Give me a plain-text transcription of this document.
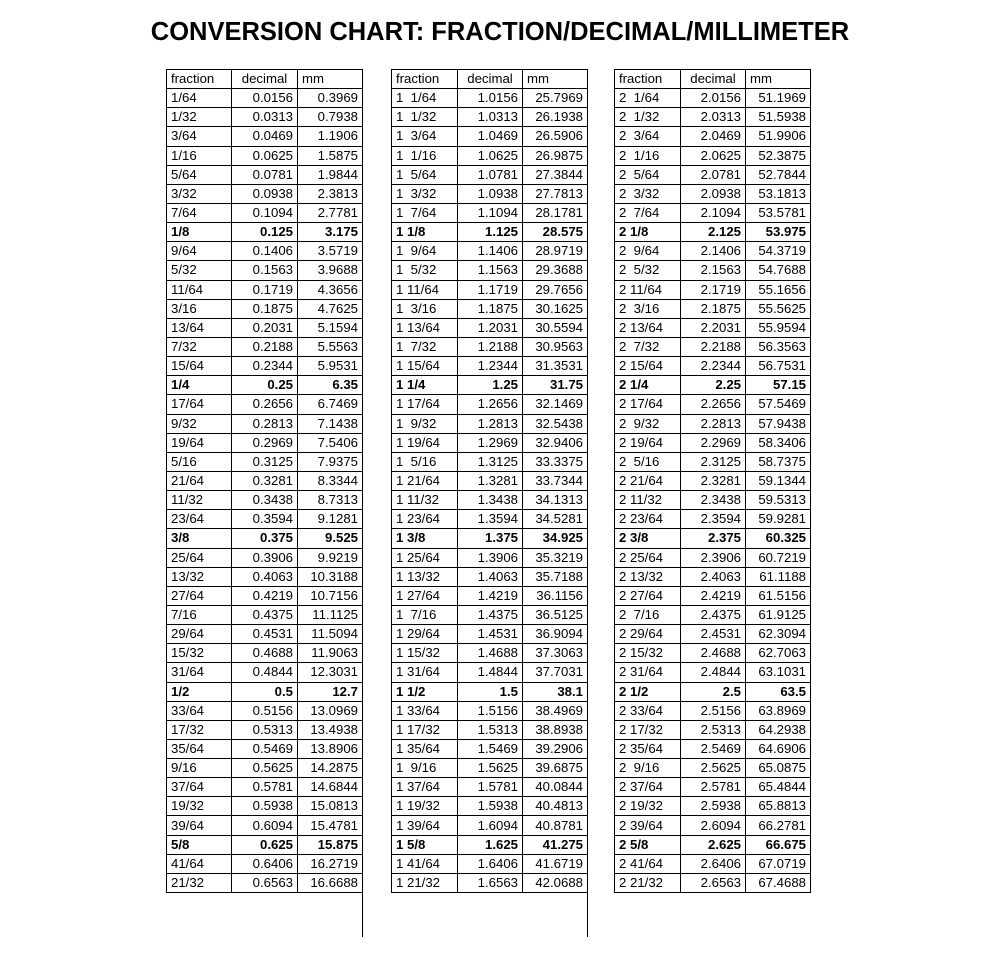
CONVERSION CHART: FRACTION/DECIMAL/MILLIMETER
fraction	decimal	mm
1/64	0.0156	0.3969
1/32	0.0313	0.7938
3/64	0.0469	1.1906
1/16	0.0625	1.5875
5/64	0.0781	1.9844
3/32	0.0938	2.3813
7/64	0.1094	2.7781
1/8	0.125	3.175
9/64	0.1406	3.5719
5/32	0.1563	3.9688
11/64	0.1719	4.3656
3/16	0.1875	4.7625
13/64	0.2031	5.1594
7/32	0.2188	5.5563
15/64	0.2344	5.9531
1/4	0.25	6.35
17/64	0.2656	6.7469
9/32	0.2813	7.1438
19/64	0.2969	7.5406
5/16	0.3125	7.9375
21/64	0.3281	8.3344
11/32	0.3438	8.7313
23/64	0.3594	9.1281
3/8	0.375	9.525
25/64	0.3906	9.9219
13/32	0.4063	10.3188
27/64	0.4219	10.7156
7/16	0.4375	11.1125
29/64	0.4531	11.5094
15/32	0.4688	11.9063
31/64	0.4844	12.3031
1/2	0.5	12.7
33/64	0.5156	13.0969
17/32	0.5313	13.4938
35/64	0.5469	13.8906
9/16	0.5625	14.2875
37/64	0.5781	14.6844
19/32	0.5938	15.0813
39/64	0.6094	15.4781
5/8	0.625	15.875
41/64	0.6406	16.2719
21/32	0.6563	16.6688
fraction	decimal	mm
1  1/64	1.0156	25.7969
1  1/32	1.0313	26.1938
1  3/64	1.0469	26.5906
1  1/16	1.0625	26.9875
1  5/64	1.0781	27.3844
1  3/32	1.0938	27.7813
1  7/64	1.1094	28.1781
1 1/8	1.125	28.575
1  9/64	1.1406	28.9719
1  5/32	1.1563	29.3688
1 11/64	1.1719	29.7656
1  3/16	1.1875	30.1625
1 13/64	1.2031	30.5594
1  7/32	1.2188	30.9563
1 15/64	1.2344	31.3531
1 1/4	1.25	31.75
1 17/64	1.2656	32.1469
1  9/32	1.2813	32.5438
1 19/64	1.2969	32.9406
1  5/16	1.3125	33.3375
1 21/64	1.3281	33.7344
1 11/32	1.3438	34.1313
1 23/64	1.3594	34.5281
1 3/8	1.375	34.925
1 25/64	1.3906	35.3219
1 13/32	1.4063	35.7188
1 27/64	1.4219	36.1156
1  7/16	1.4375	36.5125
1 29/64	1.4531	36.9094
1 15/32	1.4688	37.3063
1 31/64	1.4844	37.7031
1 1/2	1.5	38.1
1 33/64	1.5156	38.4969
1 17/32	1.5313	38.8938
1 35/64	1.5469	39.2906
1  9/16	1.5625	39.6875
1 37/64	1.5781	40.0844
1 19/32	1.5938	40.4813
1 39/64	1.6094	40.8781
1 5/8	1.625	41.275
1 41/64	1.6406	41.6719
1 21/32	1.6563	42.0688
fraction	decimal	mm
2  1/64	2.0156	51.1969
2  1/32	2.0313	51.5938
2  3/64	2.0469	51.9906
2  1/16	2.0625	52.3875
2  5/64	2.0781	52.7844
2  3/32	2.0938	53.1813
2  7/64	2.1094	53.5781
2 1/8	2.125	53.975
2  9/64	2.1406	54.3719
2  5/32	2.1563	54.7688
2 11/64	2.1719	55.1656
2  3/16	2.1875	55.5625
2 13/64	2.2031	55.9594
2  7/32	2.2188	56.3563
2 15/64	2.2344	56.7531
2 1/4	2.25	57.15
2 17/64	2.2656	57.5469
2  9/32	2.2813	57.9438
2 19/64	2.2969	58.3406
2  5/16	2.3125	58.7375
2 21/64	2.3281	59.1344
2 11/32	2.3438	59.5313
2 23/64	2.3594	59.9281
2 3/8	2.375	60.325
2 25/64	2.3906	60.7219
2 13/32	2.4063	61.1188
2 27/64	2.4219	61.5156
2  7/16	2.4375	61.9125
2 29/64	2.4531	62.3094
2 15/32	2.4688	62.7063
2 31/64	2.4844	63.1031
2 1/2	2.5	63.5
2 33/64	2.5156	63.8969
2 17/32	2.5313	64.2938
2 35/64	2.5469	64.6906
2  9/16	2.5625	65.0875
2 37/64	2.5781	65.4844
2 19/32	2.5938	65.8813
2 39/64	2.6094	66.2781
2 5/8	2.625	66.675
2 41/64	2.6406	67.0719
2 21/32	2.6563	67.4688
